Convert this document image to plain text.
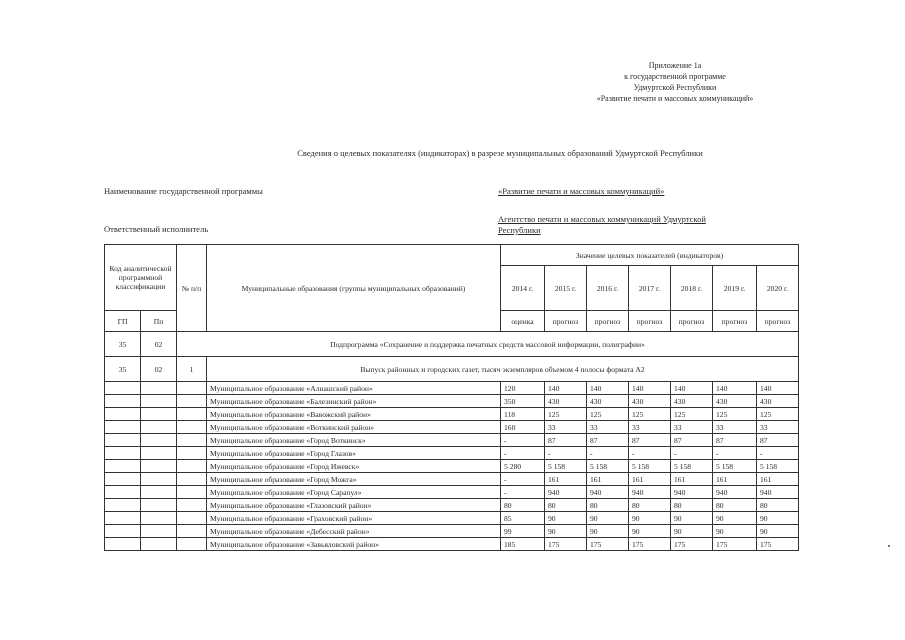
Приложение 1а
к государственной программе
Удмуртской Республики
«Развитие печати и массовых коммуникаций»
Сведения о целевых показателях (индикаторах) в разрезе муниципальных образований Удмуртской Республики
Наименование государственной программы	«Развитие печати и массовых коммуникаций»
Ответственный исполнитель
Агентство печати и массовых коммуникаций Удмуртской
Республики
Код аналитической программной классификации		№ п/п	Муниципальные образования (группы муниципальных образований)	Значение целевых показателей (индикаторов)						
				2014 г.	2015 г.	2016 г.	2017 г.	2018 г.	2019 г.	2020 г.
ГП	Пп			оценка	прогноз	прогноз	прогноз	прогноз	прогноз	прогноз
35	02	Подпрограмма «Сохранение и поддержка печатных средств массовой информации, полиграфии»								
35	02	1	Выпуск районных и городских газет, тысяч экземпляров объемом 4 полосы формата А2							
			Муниципальное образование «Алнашский район»	120	140	140	140	140	140	140
			Муниципальное образование «Балезинский район»	350	430	430	430	430	430	430
			Муниципальное образование «Вавожский район»	118	125	125	125	125	125	125
			Муниципальное образование «Воткинский район»	160	33	33	33	33	33	33
			Муниципальное образование «Город Воткинск»	-	87	87	87	87	87	87
			Муниципальное образование «Город Глазов»	-	-	-	-	-	-	-
			Муниципальное образование «Город Ижевск»	5 280	5 158	5 158	5 158	5 158	5 158	5 158
			Муниципальное образование «Город Можга»	-	161	161	161	161	161	161
			Муниципальное образование «Город Сарапул»	-	940	940	940	940	940	940
			Муниципальное образование «Глазовский район»	80	80	80	80	80	80	80
			Муниципальное образование «Граховский район»	85	90	90	90	90	90	90
			Муниципальное образование «Дебесский район»	99	90	90	90	90	90	90
			Муниципальное образование «Завьяловский район»	185	175	175	175	175	175	175
